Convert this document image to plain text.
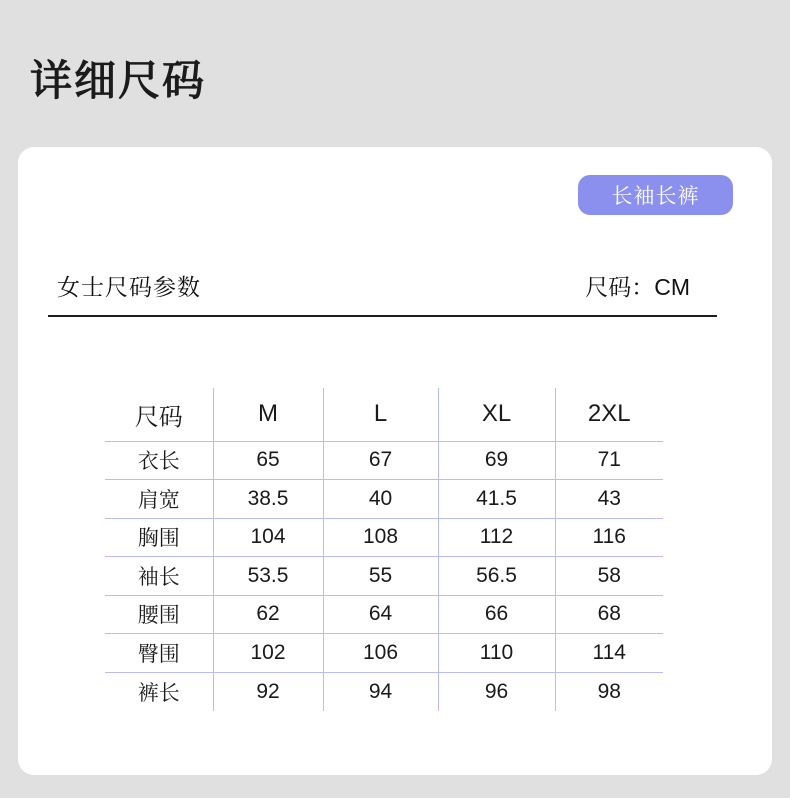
详细尺码
长袖长裤
女士尺码参数	尺码：CM
尺码	M	L	XL	2XL
衣长	65	67	69	71
肩宽	38.5	40	41.5	43
胸围	104	108	112	116
袖长	53.5	55	56.5	58
腰围	62	64	66	68
臀围	102	106	110	114
裤长	92	94	96	98
